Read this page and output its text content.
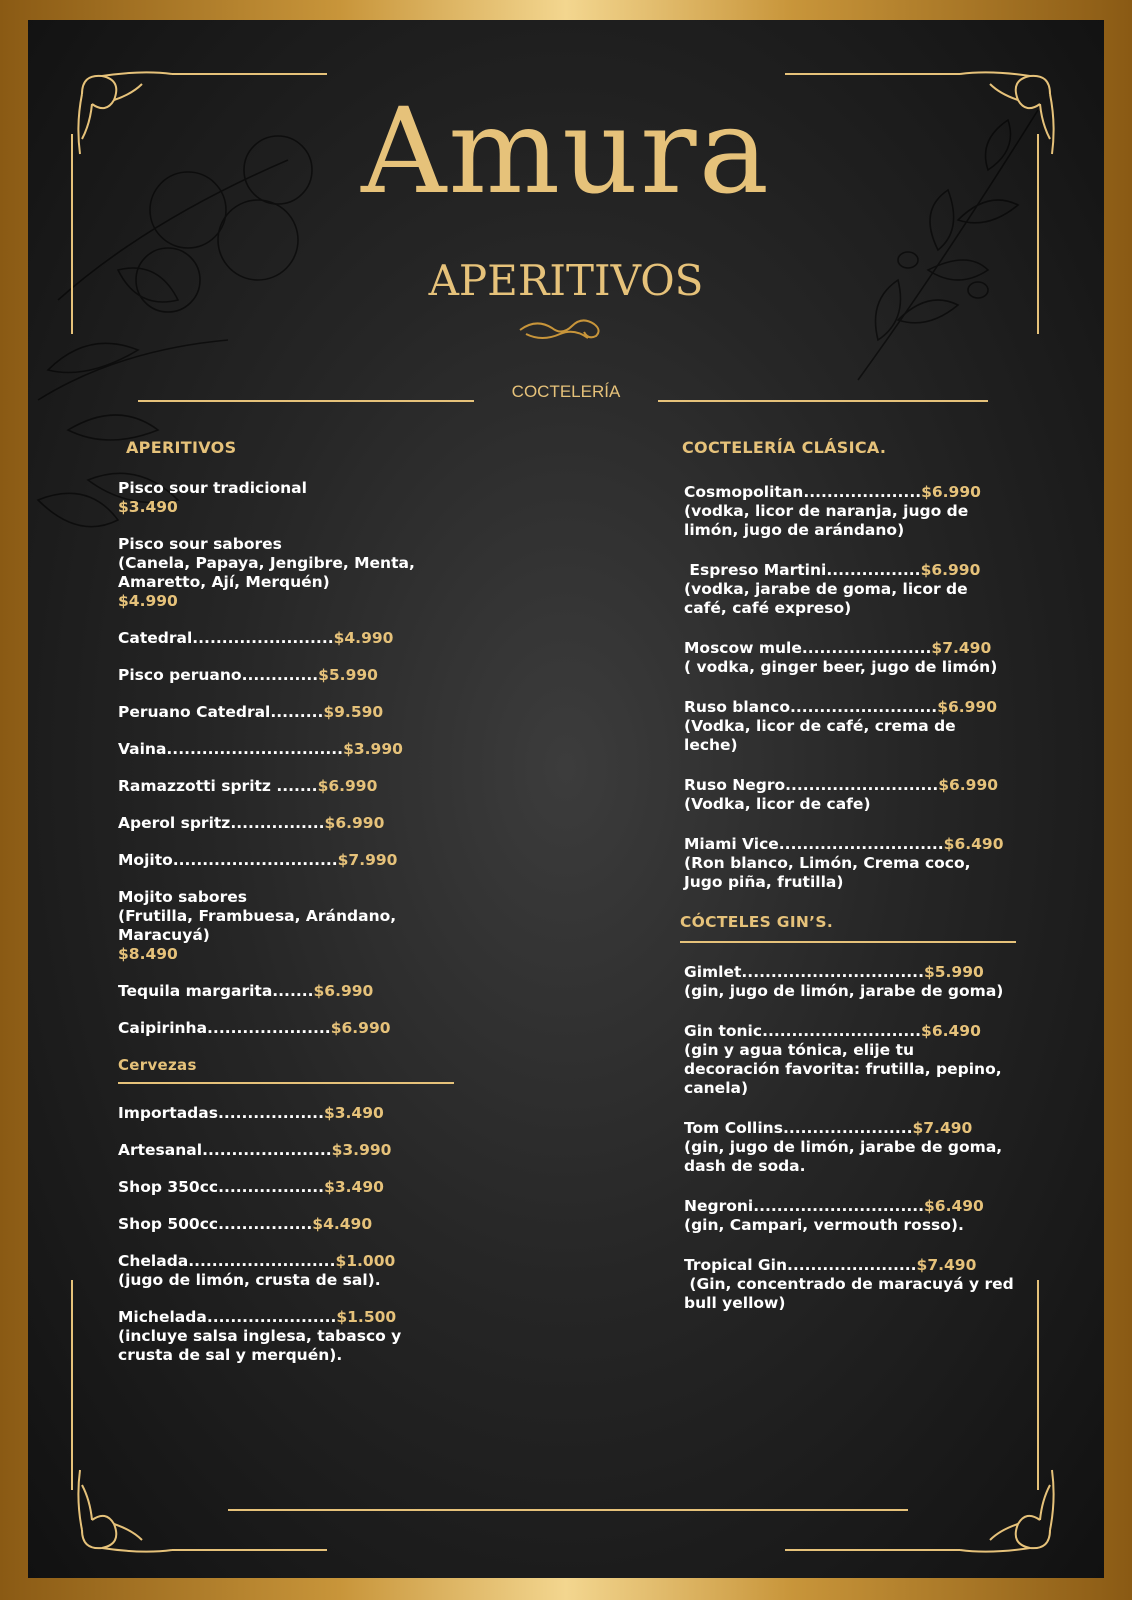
Amura
APERITIVOS
COCTELERÍA
APERITIVOS
Pisco sour tradicional
$3.490
Pisco sour sabores
(Canela, Papaya, Jengibre, Menta, Amaretto, Ají, Merquén)
$4.990
Catedral........................$4.990
Pisco peruano.............$5.990
Peruano Catedral.........$9.590
Vaina..............................$3.990
Ramazzotti spritz .......$6.990
Aperol spritz................$6.990
Mojito............................$7.990
Mojito sabores
(Frutilla, Frambuesa, Arándano, Maracuyá)
$8.490
Tequila margarita.......$6.990
Caipirinha.....................$6.990
Cervezas
Importadas..................$3.490
Artesanal......................$3.990
Shop 350cc..................$3.490
Shop 500cc................$4.490
Chelada.........................$1.000
(jugo de limón, crusta de sal).
Michelada......................$1.500
(incluye salsa inglesa, tabasco y crusta de sal y merquén).
COCTELERÍA CLÁSICA.
Cosmopolitan....................$6.990
(vodka, licor de naranja, jugo de limón, jugo de arándano)
Espreso Martini................$6.990
(vodka, jarabe de goma, licor de café, café expreso)
Moscow mule......................$7.490
( vodka, ginger beer, jugo de limón)
Ruso blanco.........................$6.990
(Vodka, licor de café, crema de leche)
Ruso Negro..........................$6.990
(Vodka, licor de cafe)
Miami Vice............................$6.490
(Ron blanco, Limón, Crema coco, Jugo piña, frutilla)
CÓCTELES GIN’S.
Gimlet...............................$5.990
(gin, jugo de limón, jarabe de goma)
Gin tonic...........................$6.490
(gin y agua tónica, elije tu decoración favorita: frutilla, pepino, canela)
Tom Collins......................$7.490
(gin, jugo de limón, jarabe de goma, dash de soda.
Negroni.............................$6.490
(gin, Campari, vermouth rosso).
Tropical Gin......................$7.490
(Gin, concentrado de maracuyá y red bull yellow)
